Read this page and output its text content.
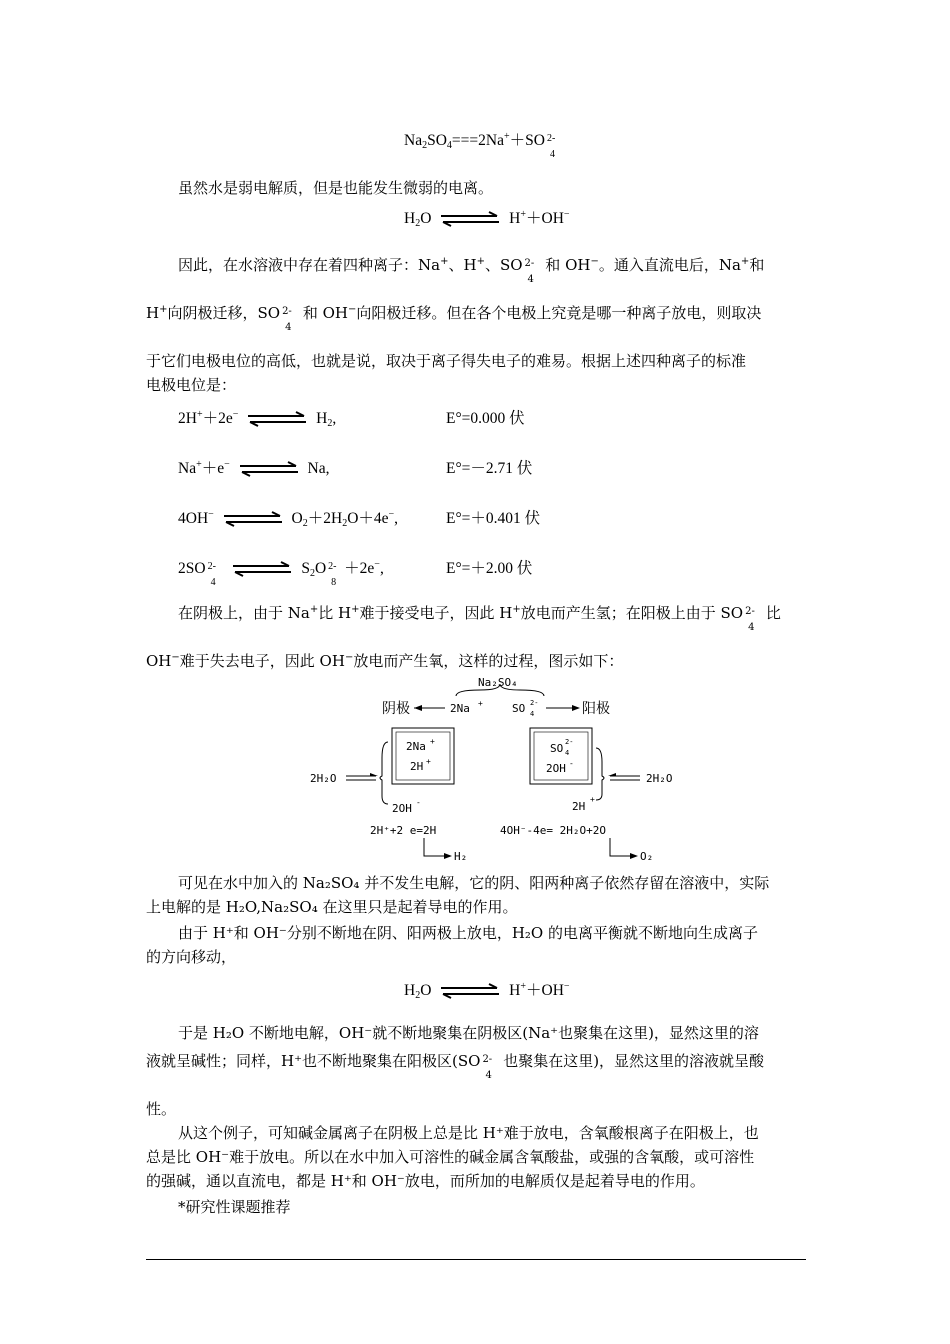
Na2SO4===2Na+＋SO 2-
4
虽然水是弱电解质，但是也能发生微弱的电离。
H2O ⇌ H+＋OH−
因此，在水溶液中存在着四种离子：Na+、H+、SO 2-
4
和 OH−。通入直流电后，Na+和
H+向阴极迁移，SO 2-
4
和 OH−向阳极迁移。但在各个电极上究竟是哪一种离子放电，则取决
于它们电极电位的高低，也就是说，取决于离子得失电子的难易。根据上述四种离子的标准
电极电位是：
2H+＋2e− ⇌ H2,	E°=0.000 伏
Na+＋e− ⇌ Na,	E°=－2.71 伏
4OH− ⇌ O2＋2H2O＋4e−,	E°=＋0.401 伏
2SO 2-
4
⇌ S2O 2-
8
＋2e−,	E°=＋2.00 伏
在阴极上，由于 Na+比 H+难于接受电子，因此 H+放电而产生氢；在阳极上由于 SO 2-
4
比
OH−难于失去电子，因此 OH−放电而产生氧，这样的过程，图示如下：
Na₂SO₄
阴极	2Na +	SO 2-
4	阳极
2Na +
2H +
SO 2-
4
2OH -
2H₂O
2OH -
2H₂O
2H
+
2H⁺+2 e=2H	4OH⁻-4e= 2H₂O+2O
H₂	O₂
可见在水中加入的 Na₂SO₄ 并不发生电解，它的阴、阳两种离子依然存留在溶液中，实际
上电解的是 H₂O,Na₂SO₄ 在这里只是起着导电的作用。
由于 H⁺和 OH⁻分别不断地在阴、阳两极上放电，H₂O 的电离平衡就不断地向生成离子
的方向移动，
H2O ⇌ H+＋OH−
于是 H₂O 不断地电解，OH⁻就不断地聚集在阴极区(Na⁺也聚集在这里)，显然这里的溶
液就呈碱性；同样，H⁺也不断地聚集在阳极区(SO 2-
4
也聚集在这里)，显然这里的溶液就呈酸
性。
从这个例子，可知碱金属离子在阴极上总是比 H⁺难于放电，含氧酸根离子在阳极上，也
总是比 OH⁻难于放电。所以在水中加入可溶性的碱金属含氧酸盐，或强的含氧酸，或可溶性
的强碱，通以直流电，都是 H⁺和 OH⁻放电，而所加的电解质仅是起着导电的作用。
*研究性课题推荐
